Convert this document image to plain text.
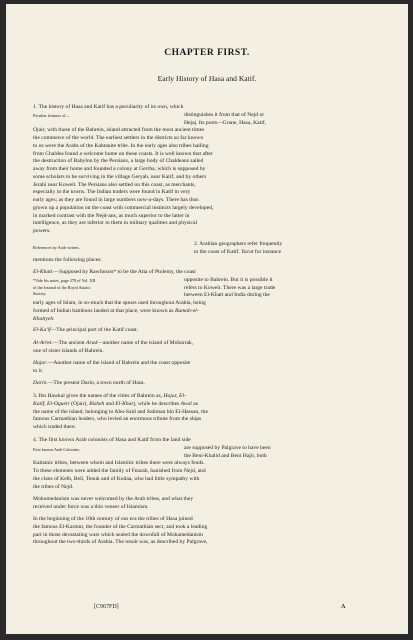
CHAPTER FIRST.
Early History of Hasa and Katif.
1. The history of Hasa and Katif has a peculiarity of its own, which
Peculiar features of—	distinguishes it from that of Nejd or
Hejaj. Its ports—Grane, Hasa, Katif,
Ojair, with those of the Bahrein, island attracted from the most ancient times
the commerce of the world. The earliest settlers in the districts so far known
to us were the Arabs of the Kahtanite tribe. In the early ages also tribes hailing
from Chaldea found a welcome home on these coasts. It is well known that after
the destruction of Babylon by the Persians, a large body of Chaldeans sailed
away from their home and founded a colony at Gerrha, which is supposed by
some scholars to be surviving in the village Geryah, near Katif, and by others
Jerahi near Koweit. The Persians also settled on this coast, as merchants,
especially in the towns. The Indian traders were found in Katif in very
early ages; as they are found in large numbers now-a-days. There has thus
grown up a population on the coast with commercial instincts largely developed,
in marked contrast with the Nejd-ans, as much superior to the latter in
intelligence, as they are inferior to them in military qualities and physical
powers.
2. Arabian geographers refer frequently
References by Arab writers.
to the coast of Katif. Yacut for instance
mentions the following places:
El-Khatt.—Supposed by Rawlinson* to be the Atta of Ptolemy, the coast
opposite to Bahrein. But it is possible it
*Vide his notes, page 278 of Vol. XII
refers to Koweit. There was a large trade
of the Journal of the Royal Asiatic
between El-Khatt and India during the
Society.
early ages of Islam, in so-much that the spears used throughout Arabia, being
formed of Indian bamboos landed at that place, were known as Rumah-el-
Khattyeh.
El-Ka'if—The principal port of the Katif coast.
Al-Arret.—The ancient Arad—another name of the island of Moharrak,
one of sister islands of Bahrein.
Hajar.—Another name of the island of Bahrein and the coast opposite
to it.
Darin.—The present Darin, a town north of Hasa.
3. Ibn Hawkal gives the names of the cities of Bahrein as, Hajar, El-
Katif, El-Oqueir (Ojair), Bisheh and El-Kharj, while he describes Awal as
the name of the island, belonging to Abu-Said and Suliman bin El-Hassan, the
famous Carmathian leaders, who levied an enormous tribute from the ships
which traded there.
4. The first known Arab colonists of Hasa and Katif from the land side
First known Arab Colonists.	are supposed by Palgrave to have been
the Beni-Khalid and Beni Hajir, both
Kahtanic tribes, between whom and Islamitic tribes there were always feuds.
To these elements were added the family of Feazah, banished from Nejd, and
the clans of Kelb, Beli, Tenuk and of Kodaa, who had little sympathy with
the tribes of Nejd.
Mohomedanism was never welcomed by the Arab tribes, and what they
received under force was a thin veneer of Islamism.
In the beginning of the 10th century of our era the tribes of Hasa joined
the famous El-Karmut, the founder of the Carmathian sect, and took a leading
part in those devastating wars which sealed the downfall of Mohamedanism
throughout the two-thirds of Arabia. The result was, as described by Palgrave,
[C967FD]	A
